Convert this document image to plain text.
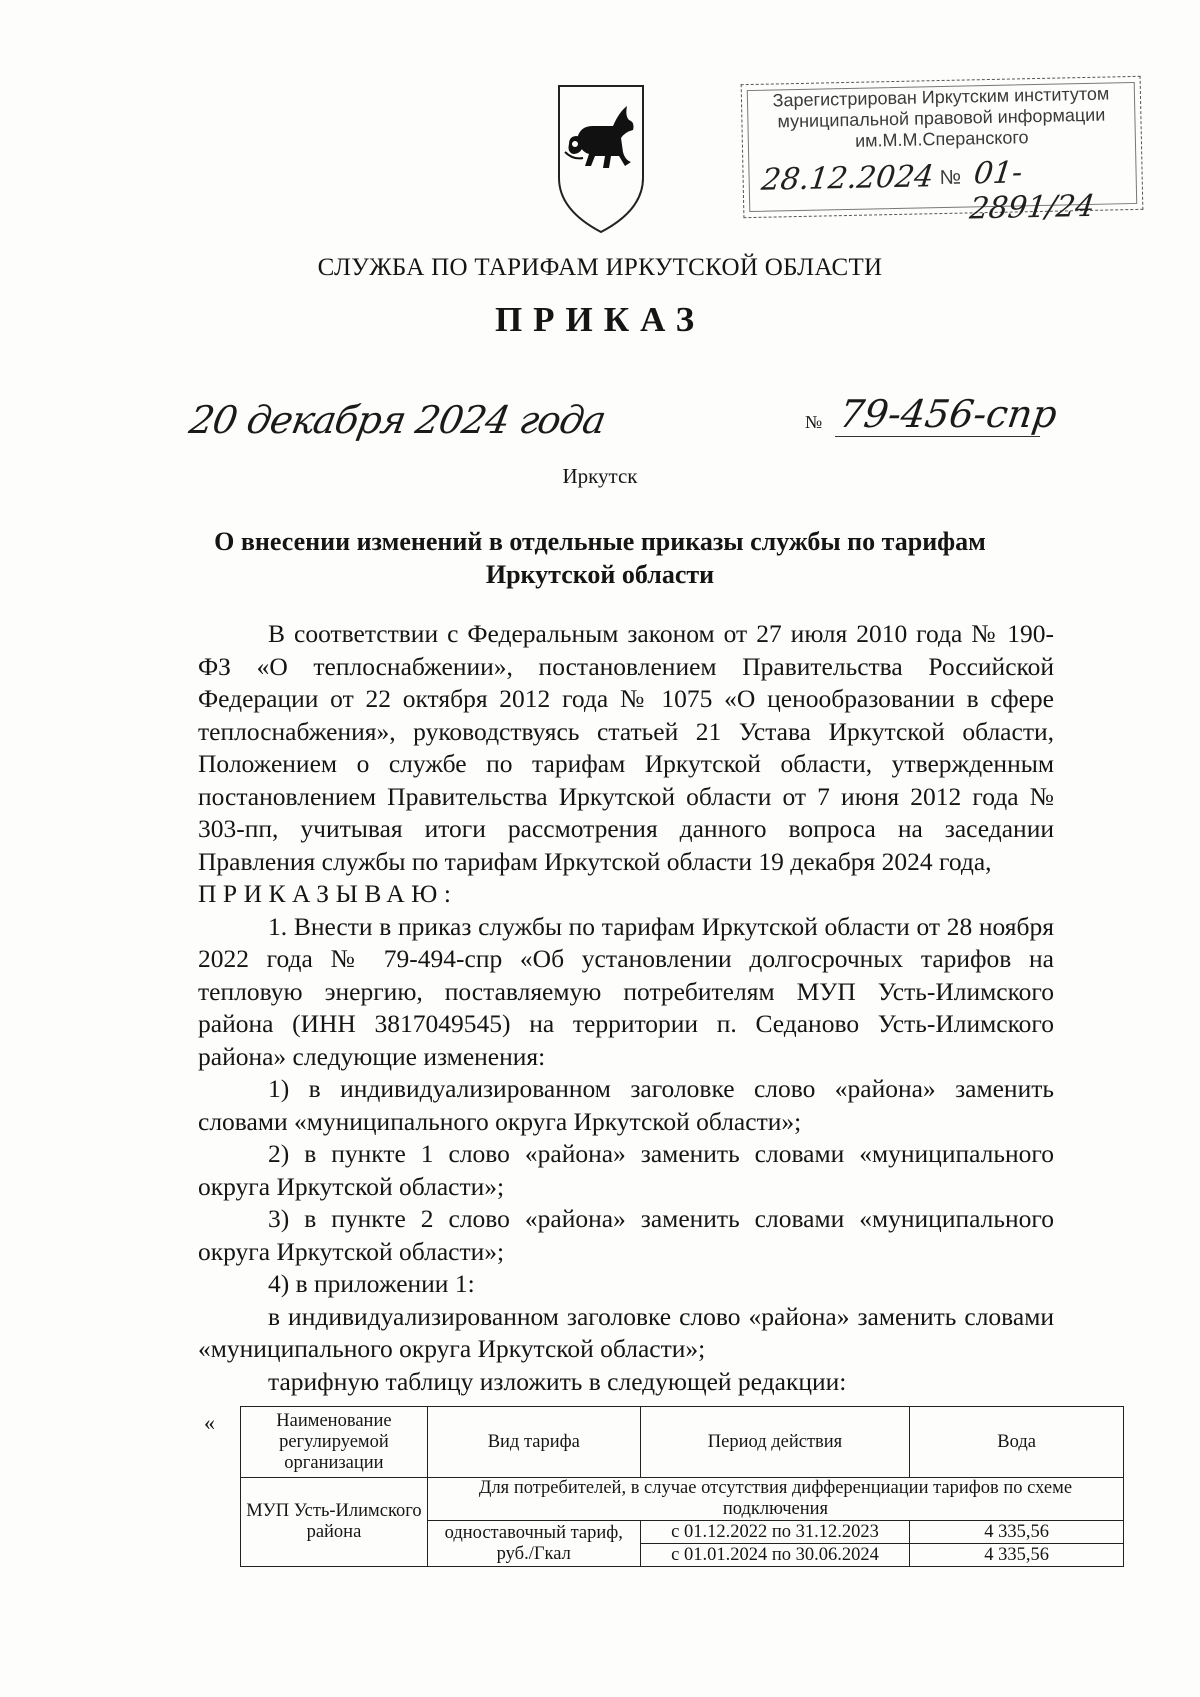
Зарегистрирован Иркутским институтом
муниципальной правовой информации
им.М.М.Сперанского
28.12.2024 № 01-2891/24
СЛУЖБА ПО ТАРИФАМ ИРКУТСКОЙ ОБЛАСТИ
ПРИКАЗ
20 декабря 2024 года	№ 79-456-спр
Иркутск
О внесении изменений в отдельные приказы службы по тарифам
Иркутской области

В соответствии с Федеральным законом от 27 июля 2010 года № 190-ФЗ «О теплоснабжении», постановлением Правительства Российской Федерации от 22 октября 2012 года № 1075 «О ценообразовании в сфере теплоснабжения», руководствуясь статьей 21 Устава Иркутской области, Положением о службе по тарифам Иркутской области, утвержденным постановлением Правительства Иркутской области от 7 июня 2012 года № 303-пп, учитывая итоги рассмотрения данного вопроса на заседании Правления службы по тарифам Иркутской области 19 декабря 2024 года,

ПРИКАЗЫВАЮ:

1. Внести в приказ службы по тарифам Иркутской области от 28 ноября 2022 года № 79-494-спр «Об установлении долгосрочных тарифов на тепловую энергию, поставляемую потребителям МУП Усть-Илимского района (ИНН 3817049545) на территории п. Седаново Усть-Илимского района» следующие изменения:

1) в индивидуализированном заголовке слово «района» заменить словами «муниципального округа Иркутской области»;

2) в пункте 1 слово «района» заменить словами «муниципального округа Иркутской области»;

3) в пункте 2 слово «района» заменить словами «муниципального округа Иркутской области»;

4) в приложении 1:

в индивидуализированном заголовке слово «района» заменить словами «муниципального округа Иркутской области»;

тарифную таблицу изложить в следующей редакции:

«	Наименование регулируемой организации	Вид тарифа	Период действия	Вода
МУП Усть-Илимского района	Для потребителей, в случае отсутствия дифференциации тарифов по схеме подключения		
	одноставочный тариф, руб./Гкал	с 01.12.2022 по 31.12.2023	4 335,56
		с 01.01.2024 по 30.06.2024	4 335,56
